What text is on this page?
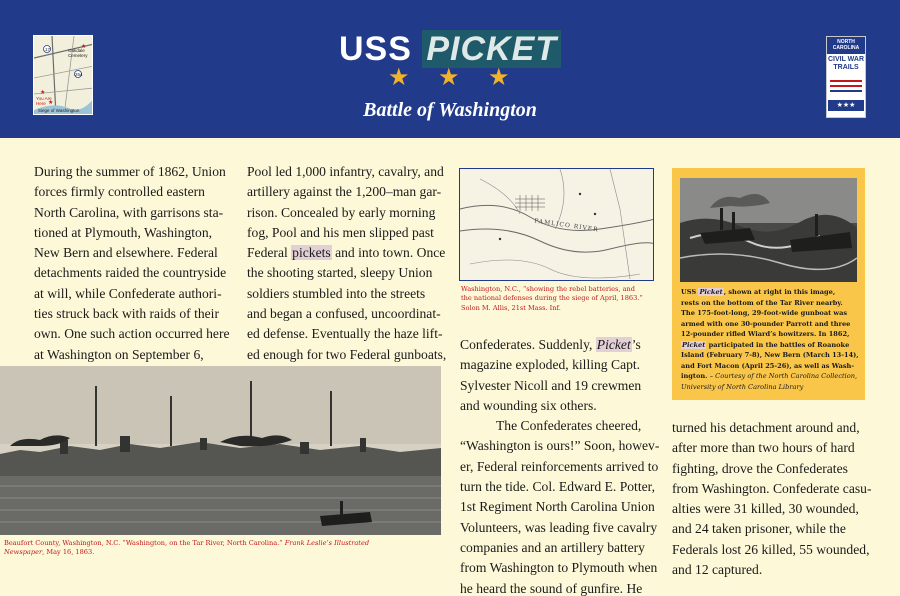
★
★
★
17
264
Oakdale
Cemetery
You Are
Here
Siege of Washington
USS PICKET
★ ★ ★
Battle of Washington
NORTH
CAROLINA
CIVIL WAR
TRAILS
★★★

During the summer of 1862, Union

forces firmly controlled eastern

North Carolina, with garrisons sta-

tioned at Plymouth, Washington,

New Bern and elsewhere. Federal

detachments raided the countryside

at will, while Confederate authori-

ties struck back with raids of their

own. One such action occurred here

at Washington on September 6,

Pool led 1,000 infantry, cavalry, and

artillery against the 1,200–man gar-

rison. Concealed by early morning

fog, Pool and his men slipped past

Federal pickets and into town. Once

the shooting started, sleepy Union

soldiers stumbled into the streets

and began a confused, uncoordinat-

ed defense. Eventually the haze lift-

ed enough for two Federal gunboats,

PAMLICO RIVER
Washington, N.C., “showing the rebel batteries, and
the national defenses during the siege of April, 1863.”
Solon M. Allis, 21st Mass. Inf.
USS Picket, shown at right in this image,
rests on the bottom of the Tar River nearby.
The 175-foot-long, 29-foot-wide gunboat was
armed with one 30-pounder Parrott and three
12-pounder rifled Wiard’s howitzers. In 1862,
Picket participated in the battles of Roanoke
Island (February 7-8), New Bern (March 13-14),
and Fort Macon (April 25-26), as well as Wash-
ington. – Courtesy of the North Carolina Collection,
University of North Carolina Library

Confederates. Suddenly, Picket’s

magazine exploded, killing Capt.

Sylvester Nicoll and 19 crewmen

and wounding six others.

The Confederates cheered,

“Washington is ours!” Soon, howev-

er, Federal reinforcements arrived to

turn the tide. Col. Edward E. Potter,

1st Regiment North Carolina Union

Volunteers, was leading five cavalry

companies and an artillery battery

from Washington to Plymouth when

he heard the sound of gunfire. He

turned his detachment around and,

after more than two hours of hard

fighting, drove the Confederates

from Washington. Confederate casu-

alties were 31 killed, 30 wounded,

and 24 taken prisoner, while the

Federals lost 26 killed, 55 wounded,

and 12 captured.

Beaufort County, Washington, N.C. “Washington, on the Tar River, North Carolina.” Frank Leslie’s Illustrated
Newspaper, May 16, 1863.
